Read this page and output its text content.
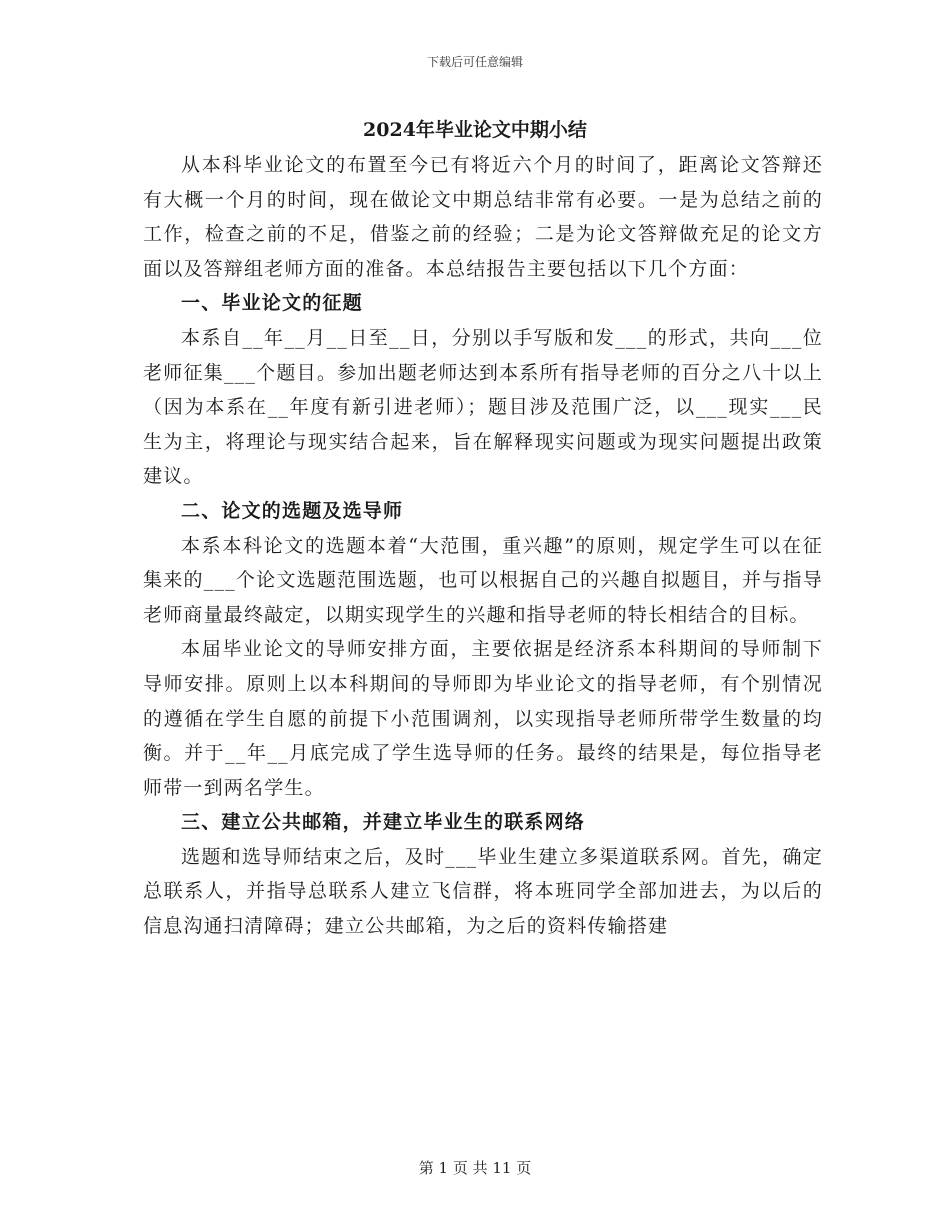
下载后可任意编辑
2024年毕业论文中期小结

从本科毕业论文的布置至今已有将近六个月的时间了，距离论文答辩还有大概一个月的时间，现在做论文中期总结非常有必要。一是为总结之前的工作，检查之前的不足，借鉴之前的经验；二是为论文答辩做充足的论文方面以及答辩组老师方面的准备。本总结报告主要包括以下几个方面：

一、毕业论文的征题

本系自__年__月__日至__日，分别以手写版和发___的形式，共向___位老师征集___个题目。参加出题老师达到本系所有指导老师的百分之八十以上（因为本系在__年度有新引进老师）；题目涉及范围广泛，以___现实___民生为主，将理论与现实结合起来，旨在解释现实问题或为现实问题提出政策建议。

二、论文的选题及选导师

本系本科论文的选题本着“大范围，重兴趣”的原则，规定学生可以在征集来的___个论文选题范围选题，也可以根据自己的兴趣自拟题目，并与指导老师商量最终敲定，以期实现学生的兴趣和指导老师的特长相结合的目标。

本届毕业论文的导师安排方面，主要依据是经济系本科期间的导师制下导师安排。原则上以本科期间的导师即为毕业论文的指导老师，有个别情况的遵循在学生自愿的前提下小范围调剂，以实现指导老师所带学生数量的均衡。并于__年__月底完成了学生选导师的任务。最终的结果是，每位指导老师带一到两名学生。

三、建立公共邮箱，并建立毕业生的联系网络

选题和选导师结束之后，及时___毕业生建立多渠道联系网。首先，确定总联系人，并指导总联系人建立飞信群，将本班同学全部加进去，为以后的信息沟通扫清障碍；建立公共邮箱，为之后的资料传输搭建

第 1 页 共 11 页
